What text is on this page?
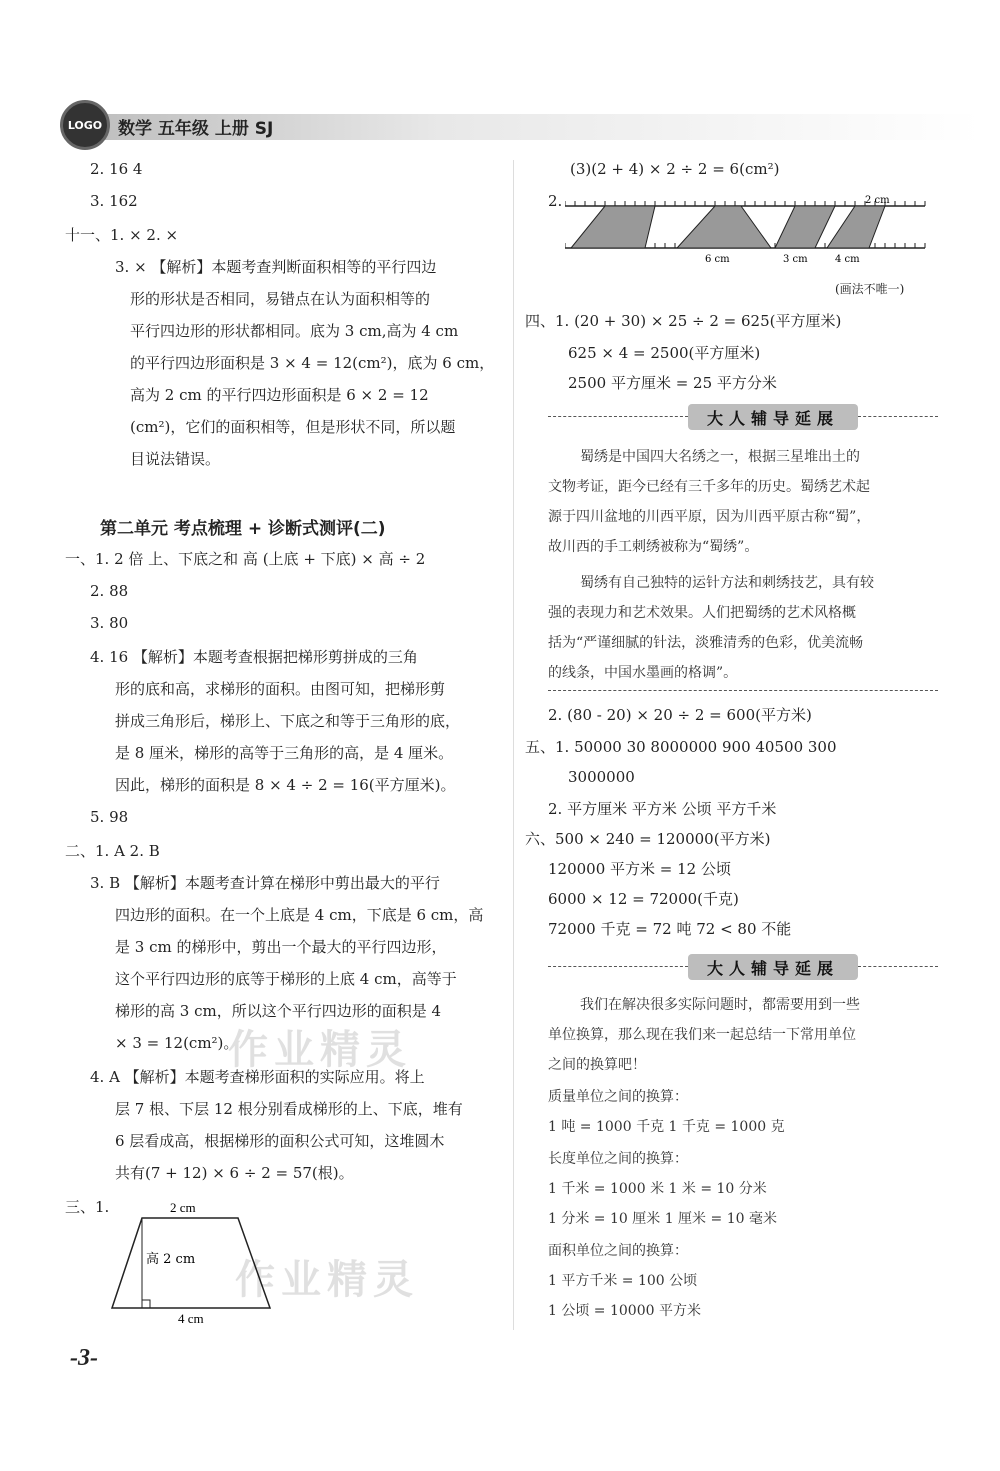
LOGO 数学 五年级 上册 SJ
2. 16 4
3. 162
十一、1. × 2. ×
3. × 【解析】本题考查判断面积相等的平行四边
形的形状是否相同，易错点在认为面积相等的
平行四边形的形状都相同。底为 3 cm,高为 4 cm
的平行四边形面积是 3 × 4 = 12(cm²)，底为 6 cm，
高为 2 cm 的平行四边形面积是 6 × 2 = 12
(cm²)，它们的面积相等，但是形状不同，所以题
目说法错误。
一、1. 2 倍 上、下底之和 高 (上底 + 下底) × 高 ÷ 2
2. 88
3. 80
4. 16 【解析】本题考查根据把梯形剪拼成的三角
形的底和高，求梯形的面积。由图可知，把梯形剪
拼成三角形后，梯形上、下底之和等于三角形的底，
是 8 厘米，梯形的高等于三角形的高，是 4 厘米。
因此，梯形的面积是 8 × 4 ÷ 2 = 16(平方厘米)。
5. 98
二、1. A 2. B
3. B 【解析】本题考查计算在梯形中剪出最大的平行
四边形的面积。在一个上底是 4 cm，下底是 6 cm，高
是 3 cm 的梯形中，剪出一个最大的平行四边形，
这个平行四边形的底等于梯形的上底 4 cm，高等于
梯形的高 3 cm，所以这个平行四边形的面积是 4
× 3 = 12(cm²)。
4. A 【解析】本题考查梯形面积的实际应用。将上
层 7 根、下层 12 根分别看成梯形的上、下底，堆有
6 层看成高，根据梯形的面积公式可知，这堆圆木
共有(7 + 12) × 6 ÷ 2 = 57(根)。
三、1.
第二单元 考点梳理 + 诊断式测评(二)
2 cm
高 2 cm
4 cm
(3)(2 + 4) × 2 ÷ 2 = 6(cm²)
2.
四、1. (20 + 30) × 25 ÷ 2 = 625(平方厘米)
625 × 4 = 2500(平方厘米)
2500 平方厘米 = 25 平方分米
2. (80 - 20) × 20 ÷ 2 = 600(平方米)
五、1. 50000 30 8000000 900 40500 300
3000000
2. 平方厘米 平方米 公顷 平方千米
六、500 × 240 = 120000(平方米)
120000 平方米 = 12 公顷
6000 × 12 = 72000(千克)
72000 千克 = 72 吨 72 < 80 不能
2 cm
6 cm	3 cm	4 cm
(画法不唯一)
大人辅导延展
大人辅导延展
蜀绣是中国四大名绣之一，根据三星堆出土的
文物考证，距今已经有三千多年的历史。蜀绣艺术起
源于四川盆地的川西平原，因为川西平原古称“蜀”，
故川西的手工刺绣被称为“蜀绣”。
蜀绣有自己独特的运针方法和刺绣技艺，具有较
强的表现力和艺术效果。人们把蜀绣的艺术风格概
括为“严谨细腻的针法，淡雅清秀的色彩，优美流畅
的线条，中国水墨画的格调”。
我们在解决很多实际问题时，都需要用到一些
单位换算，那么现在我们来一起总结一下常用单位
之间的换算吧！
质量单位之间的换算：
1 吨 = 1000 千克 1 千克 = 1000 克
长度单位之间的换算：
1 千米 = 1000 米 1 米 = 10 分米
1 分米 = 10 厘米 1 厘米 = 10 毫米
面积单位之间的换算：
1 平方千米 = 100 公顷
1 公顷 = 10000 平方米
作业精灵
作业精灵
-3-
